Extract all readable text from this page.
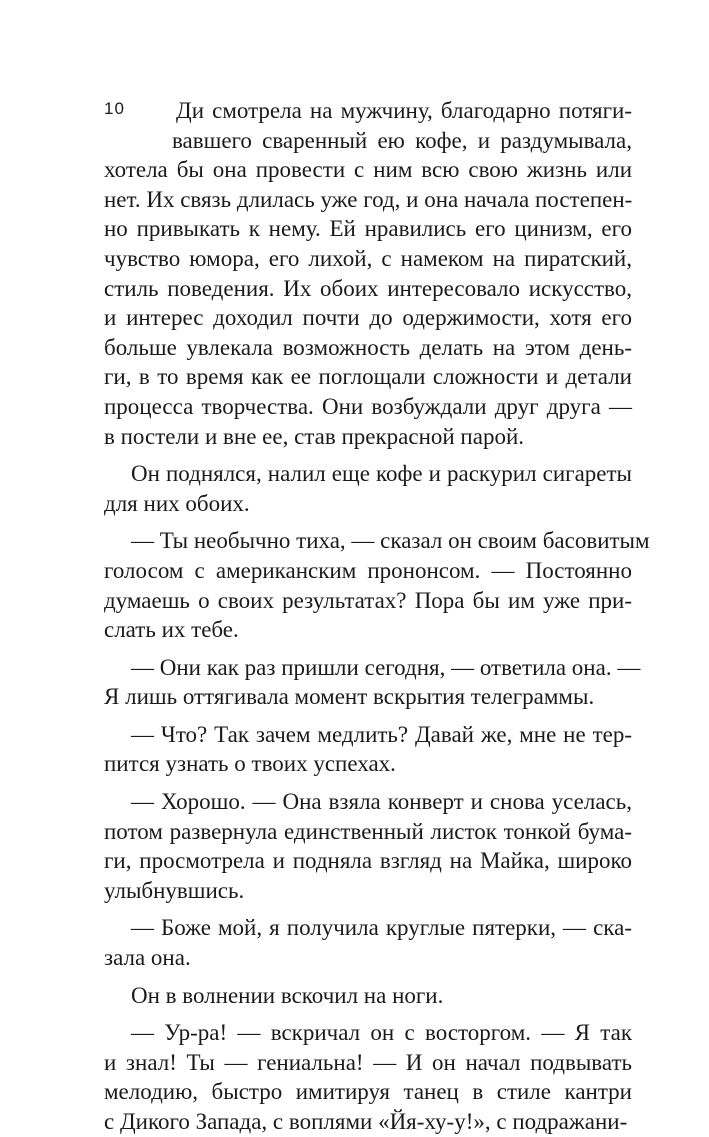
10	Ди смотрела на мужчину, благодарно потяги-
вавшего сваренный ею кофе, и раздумывала,
хотела бы она провести с ним всю свою жизнь или
нет. Их связь длилась уже год, и она начала постепен-
но привыкать к нему. Ей нравились его цинизм, его
чувство юмора, его лихой, с намеком на пиратский,
стиль поведения. Их обоих интересовало искусство,
и интерес доходил почти до одержимости, хотя его
больше увлекала возможность делать на этом день-
ги, в то время как ее поглощали сложности и детали
процесса творчества. Они возбуждали друг друга —
в постели и вне ее, став прекрасной парой.
Он поднялся, налил еще кофе и раскурил сигареты
для них обоих.
— Ты необычно тиха, — сказал он своим басовитым
голосом с американским прононсом. — Постоянно
думаешь о своих результатах? Пора бы им уже при-
слать их тебе.
— Они как раз пришли сегодня, — ответила она. —
Я лишь оттягивала момент вскрытия телеграммы.
— Что? Так зачем медлить? Давай же, мне не тер-
пится узнать о твоих успехах.
— Хорошо. — Она взяла конверт и снова уселась,
потом развернула единственный листок тонкой бума-
ги, просмотрела и подняла взгляд на Майка, широко
улыбнувшись.
— Боже мой, я получила круглые пятерки, — ска-
зала она.
Он в волнении вскочил на ноги.
— Ур-ра! — вскричал он с восторгом. — Я так
и знал! Ты — гениальна! — И он начал подвывать
мелодию, быстро имитируя танец в стиле кантри
с Дикого Запада, с воплями «Йя-ху-у!», с подражани-
